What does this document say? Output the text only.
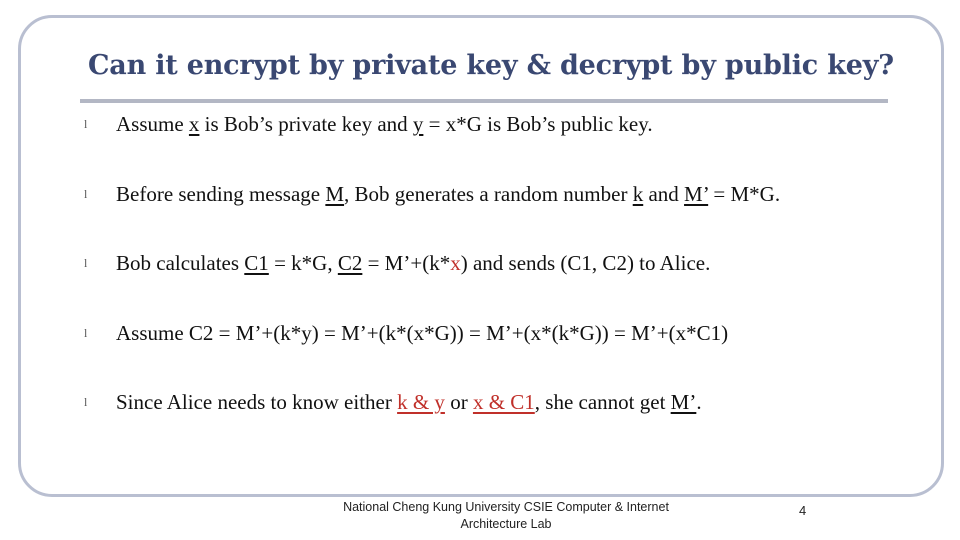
Can it encrypt by private key & decrypt by public key?
l	Assume x is Bob’s private key and y = x*G is Bob’s public key.
l	Before sending message M, Bob generates a random number k and M’ = M*G.
l	Bob calculates C1 = k*G, C2 = M’+(k*x) and sends (C1, C2) to Alice.
l	Assume C2 = M’+(k*y) = M’+(k*(x*G)) = M’+(x*(k*G)) = M’+(x*C1)
l	Since Alice needs to know either k & y or x & C1, she cannot get M’.
National Cheng Kung University CSIE Computer & Internet Architecture Lab
4
